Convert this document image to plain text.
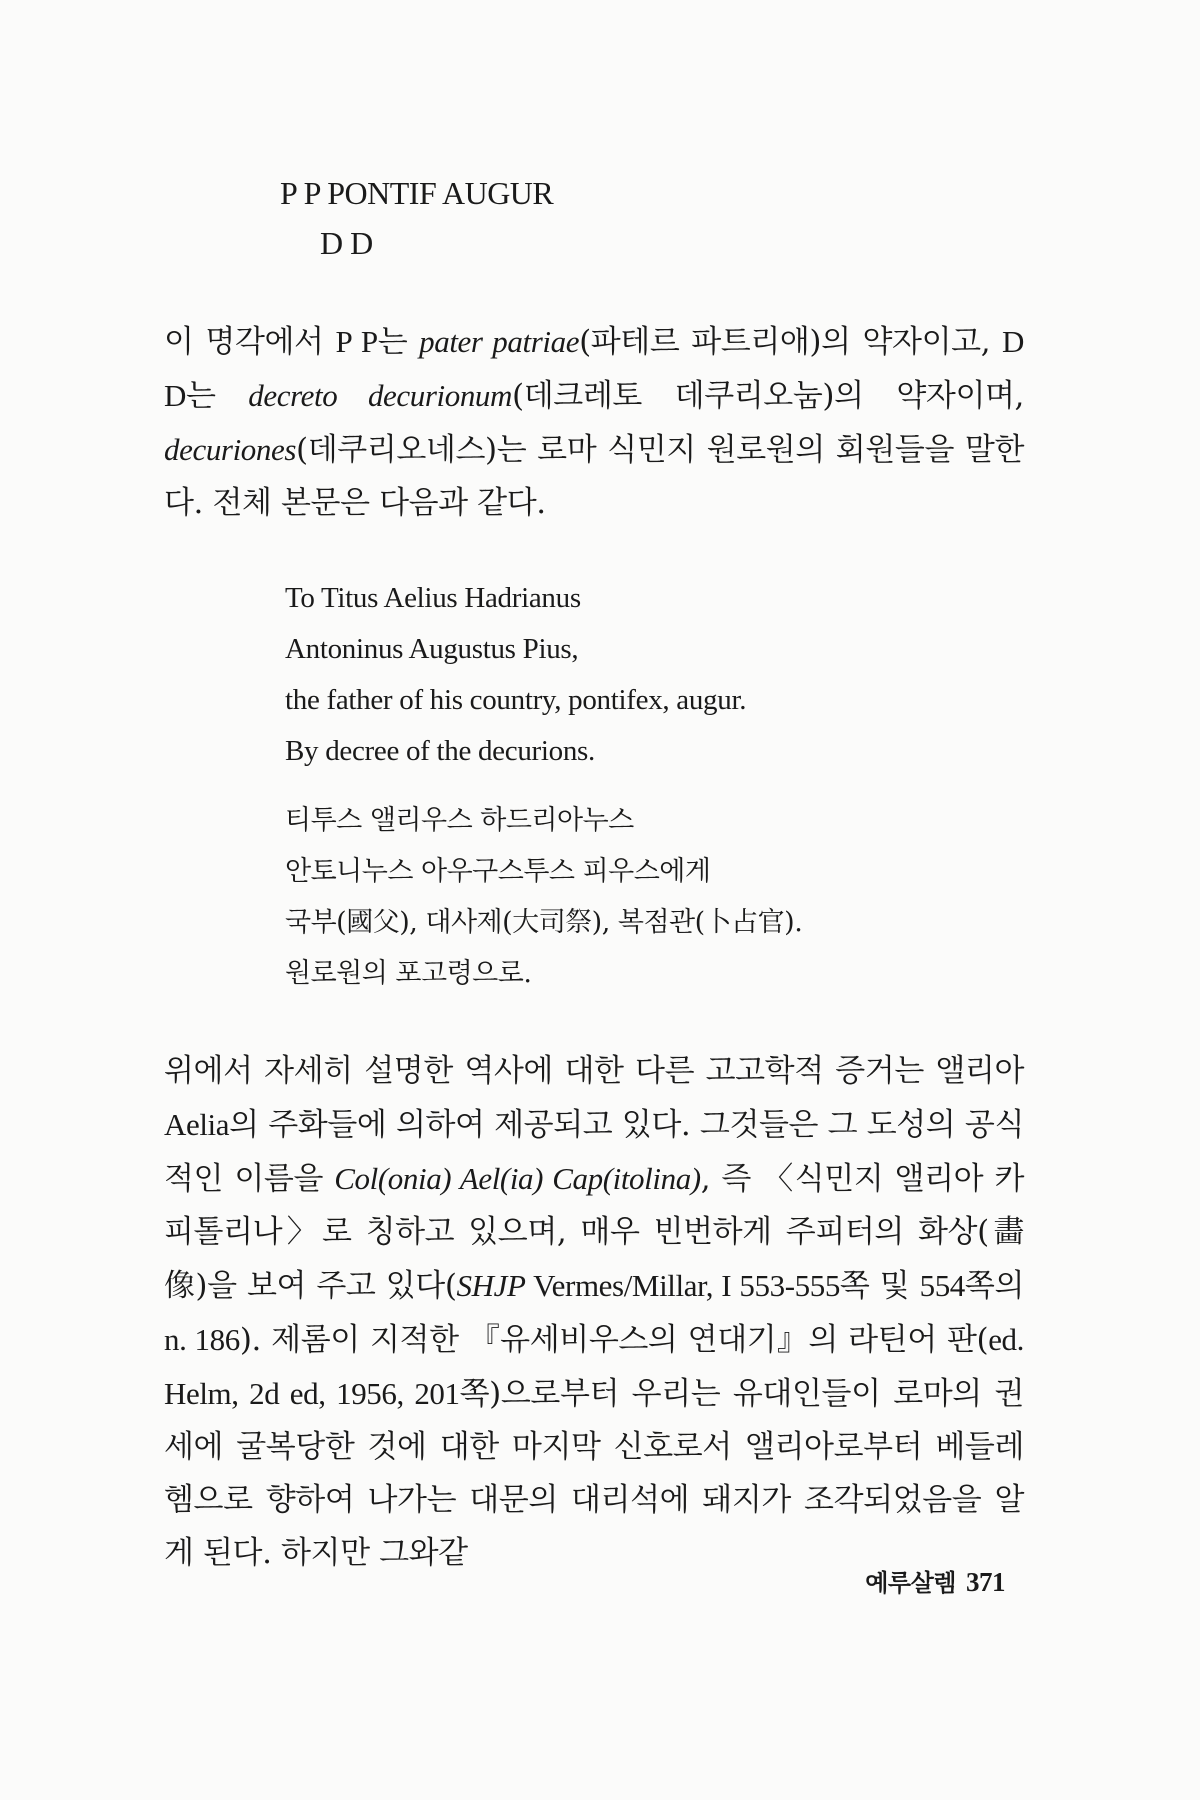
P P PONTIF AUGUR
D D
이 명각에서 P P는 pater patriae(파테르 파트리애)의 약자이고, D D는 decreto decurionum(데크레토 데쿠리오눔)의 약자이며, decuriones(데쿠리오네스)는 로마 식민지 원로원의 회원들을 말한다. 전체 본문은 다음과 같다.
To Titus Aelius Hadrianus
Antoninus Augustus Pius,
the father of his country, pontifex, augur.
By decree of the decurions.
티투스 앨리우스 하드리아누스
안토니누스 아우구스투스 피우스에게
국부(國父), 대사제(大司祭), 복점관(卜占官).
원로원의 포고령으로.
위에서 자세히 설명한 역사에 대한 다른 고고학적 증거는 앨리아 Aelia의 주화들에 의하여 제공되고 있다. 그것들은 그 도성의 공식적인 이름을 Col(onia) Ael(ia) Cap(itolina), 즉 〈식민지 앨리아 카피톨리나〉로 칭하고 있으며, 매우 빈번하게 주피터의 화상(畵像)을 보여 주고 있다(SHJP Vermes/Millar, I 553-555쪽 및 554쪽의 n. 186). 제롬이 지적한 『유세비우스의 연대기』의 라틴어 판(ed. Helm, 2d ed, 1956, 201쪽)으로부터 우리는 유대인들이 로마의 권세에 굴복당한 것에 대한 마지막 신호로서 앨리아로부터 베들레헴으로 향하여 나가는 대문의 대리석에 돼지가 조각되었음을 알게 된다. 하지만 그와같
예루살렘 371
